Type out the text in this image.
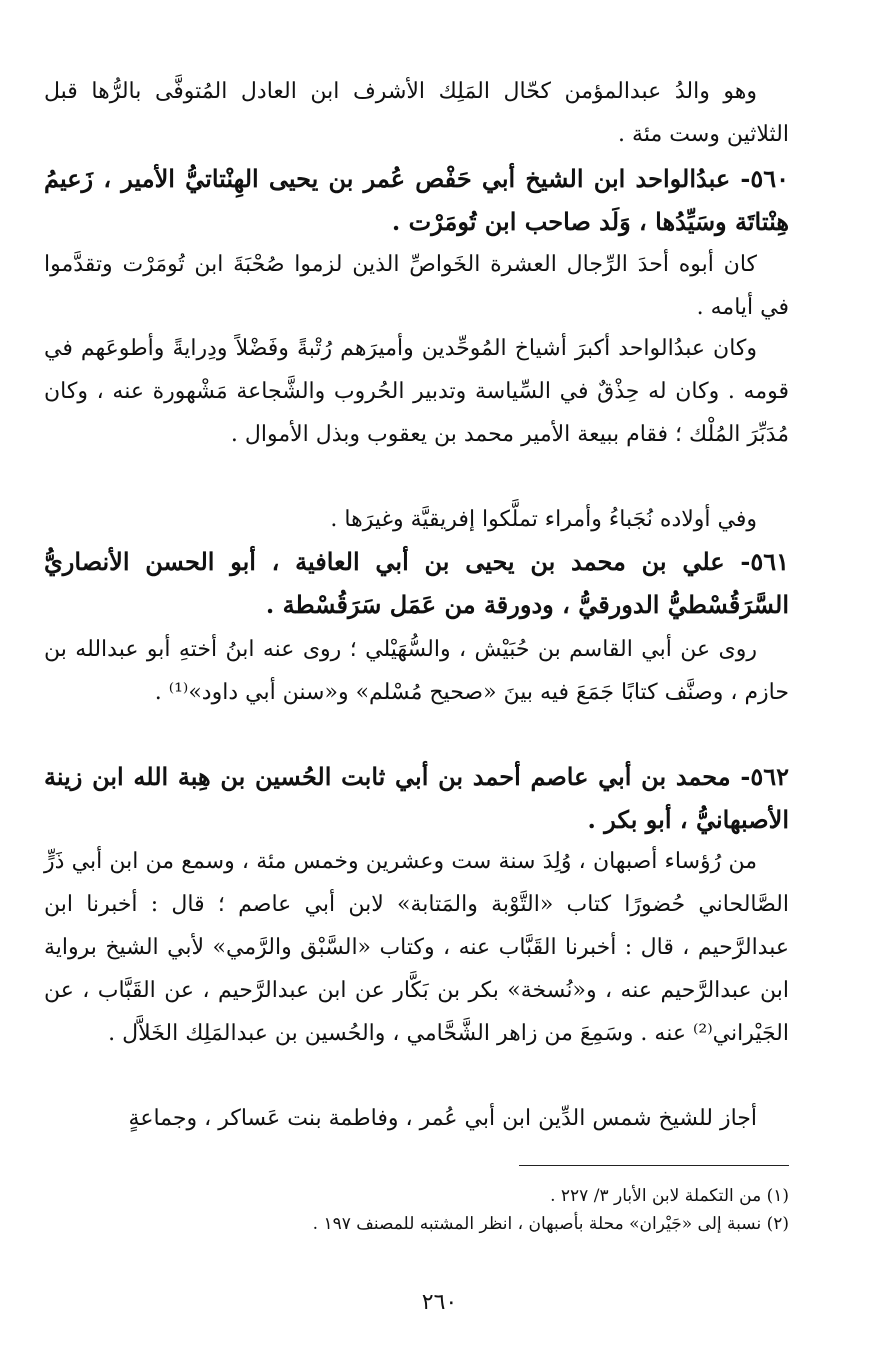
وهو والدُ عبدالمؤمن كحّال المَلِك الأشرف ابن العادل المُتوفَّى بالرُّها قبل الثلاثين وست مئة .

٥٦٠- عبدُالواحد ابن الشيخ أبي حَفْص عُمر بن يحيى الهِنْتاتيُّ الأمير ، زَعيمُ هِنْتاتَة وسَيِّدُها ، وَلَد صاحب ابن تُومَرْت .

كان أبوه أحدَ الرِّجال العشرة الخَواصِّ الذين لزموا صُحْبَةَ ابن تُومَرْت وتقدَّموا في أيامه .

وكان عبدُالواحد أكبرَ أشياخ المُوحِّدين وأميرَهم رُتْبةً وفَضْلاً ودِرايةً وأطوعَهم في قومه . وكان له حِذْقٌ في السِّياسة وتدبير الحُروب والشَّجاعة مَشْهورة عنه ، وكان مُدَبِّرَ المُلْك ؛ فقام ببيعة الأمير محمد بن يعقوب وبذل الأموال .

وفي أولاده نُجَباءُ وأمراء تملَّكوا إفريقيَّة وغيرَها .

٥٦١- علي بن محمد بن يحيى بن أبي العافية ، أبو الحسن الأنصاريُّ السَّرَقُسْطيُّ الدورقيُّ ، ودورقة من عَمَل سَرَقُسْطة .

روى عن أبي القاسم بن حُبَيْش ، والسُّهَيْلي ؛ روى عنه ابنُ أختهِ أبو عبدالله بن حازم ، وصنَّف كتابًا جَمَعَ فيه بينَ «صحيح مُسْلم» و«سنن أبي داود»⁽¹⁾ .

٥٦٢- محمد بن أبي عاصم أحمد بن أبي ثابت الحُسين بن هِبة الله ابن زينة الأصبهانيُّ ، أبو بكر .

من رُؤساء أصبهان ، وُلِدَ سنة ست وعشرين وخمس مئة ، وسمع من ابن أبي ذَرٍّ الصَّالحاني حُضورًا كتاب «التَّوْبة والمَتابة» لابن أبي عاصم ؛ قال : أخبرنا ابن عبدالرَّحيم ، قال : أخبرنا القَبَّاب عنه ، وكتاب «السَّبْق والرَّمي» لأبي الشيخ برواية ابن عبدالرَّحيم عنه ، و«نُسخة» بكر بن بَكَّار عن ابن عبدالرَّحيم ، عن القَبَّاب ، عن الجَيْراني⁽²⁾ عنه . وسَمِعَ من زاهر الشَّحَّامي ، والحُسين بن عبدالمَلِك الخَلاَّل .

أجاز للشيخ شمس الدِّين ابن أبي عُمر ، وفاطمة بنت عَساكر ، وجماعةٍ

(١) من التكملة لابن الأبار ٣/ ٢٢٧ .

(٢) نسبة إلى «جَيْران» محلة بأصبهان ، انظر المشتبه للمصنف ١٩٧ .

٢٦٠
